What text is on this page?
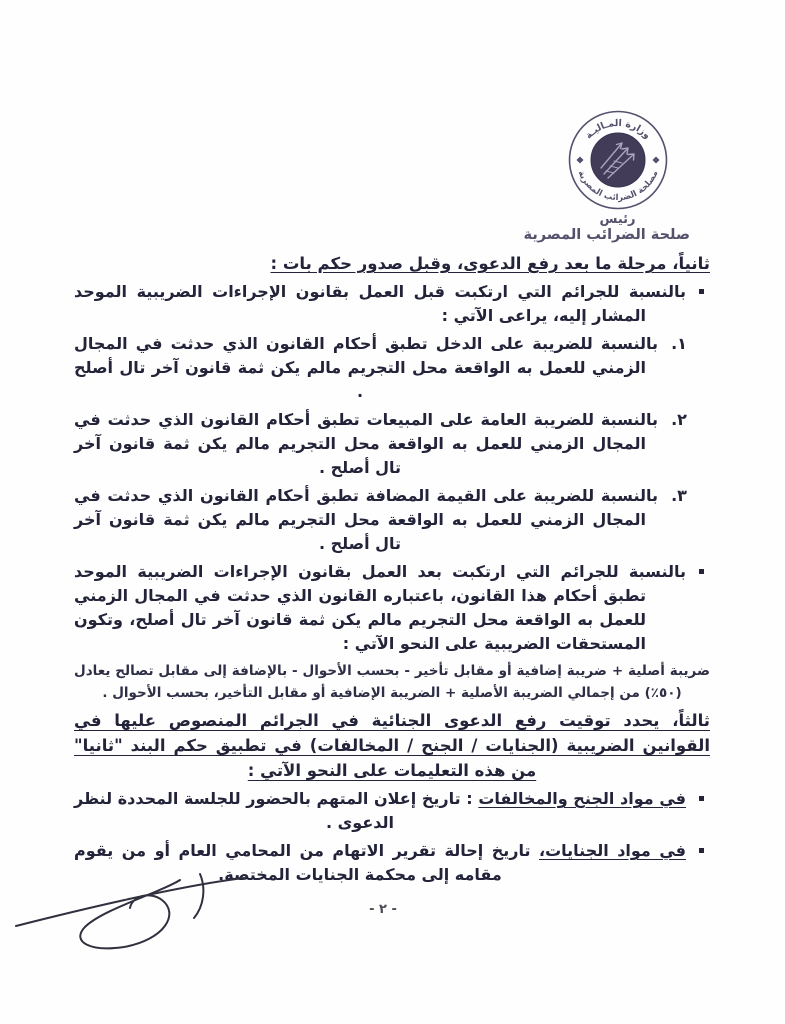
وزارة المـاليـة
مصلحة الضرائب المصرية
رئيس
صلحة الضرائب المصرية
ثانياً، مرحلة ما بعد رفع الدعوى، وقبل صدور حكم بات :
بالنسبة للجرائم التي ارتكبت قبل العمل بقانون الإجراءات الضريبية الموحد المشار إليه، يراعى الآتي :
١.بالنسبة للضريبة على الدخل تطبق أحكام القانون الذي حدثت في المجال الزمني للعمل به الواقعة محل التجريم مالم يكن ثمة قانون آخر تال أصلح .
٢.بالنسبة للضريبة العامة على المبيعات تطبق أحكام القانون الذي حدثت في المجال الزمني للعمل به الواقعة محل التجريم مالم يكن ثمة قانون آخر تال أصلح .
٣.بالنسبة للضريبة على القيمة المضافة تطبق أحكام القانون الذي حدثت في المجال الزمني للعمل به الواقعة محل التجريم مالم يكن ثمة قانون آخر تال أصلح .
بالنسبة للجرائم التي ارتكبت بعد العمل بقانون الإجراءات الضريبية الموحد تطبق أحكام هذا القانون، باعتباره القانون الذي حدثت في المجال الزمني للعمل به الواقعة محل التجريم مالم يكن ثمة قانون آخر تال أصلح، وتكون المستحقات الضريبية على النحو الآتي :
ضريبة أصلية + ضريبة إضافية أو مقابل تأخير - بحسب الأحوال - بالإضافة إلى مقابل تصالح يعادل (٥٠٪) من إجمالي الضريبة الأصلية + الضريبة الإضافية أو مقابل التأخير، بحسب الأحوال .
ثالثاً، يحدد توقيت رفع الدعوى الجنائية في الجرائم المنصوص عليها في القوانين الضريبية (الجنايات / الجنح / المخالفات) في تطبيق حكم البند "ثانيا" من هذه التعليمات على النحو الآتي :
في مواد الجنح والمخالفات : تاريخ إعلان المتهم بالحضور للجلسة المحددة لنظر الدعوى .
في مواد الجنايات، تاريخ إحالة تقرير الاتهام من المحامي العام أو من يقوم مقامه إلى محكمة الجنايات المختصة.
- ٢ -
